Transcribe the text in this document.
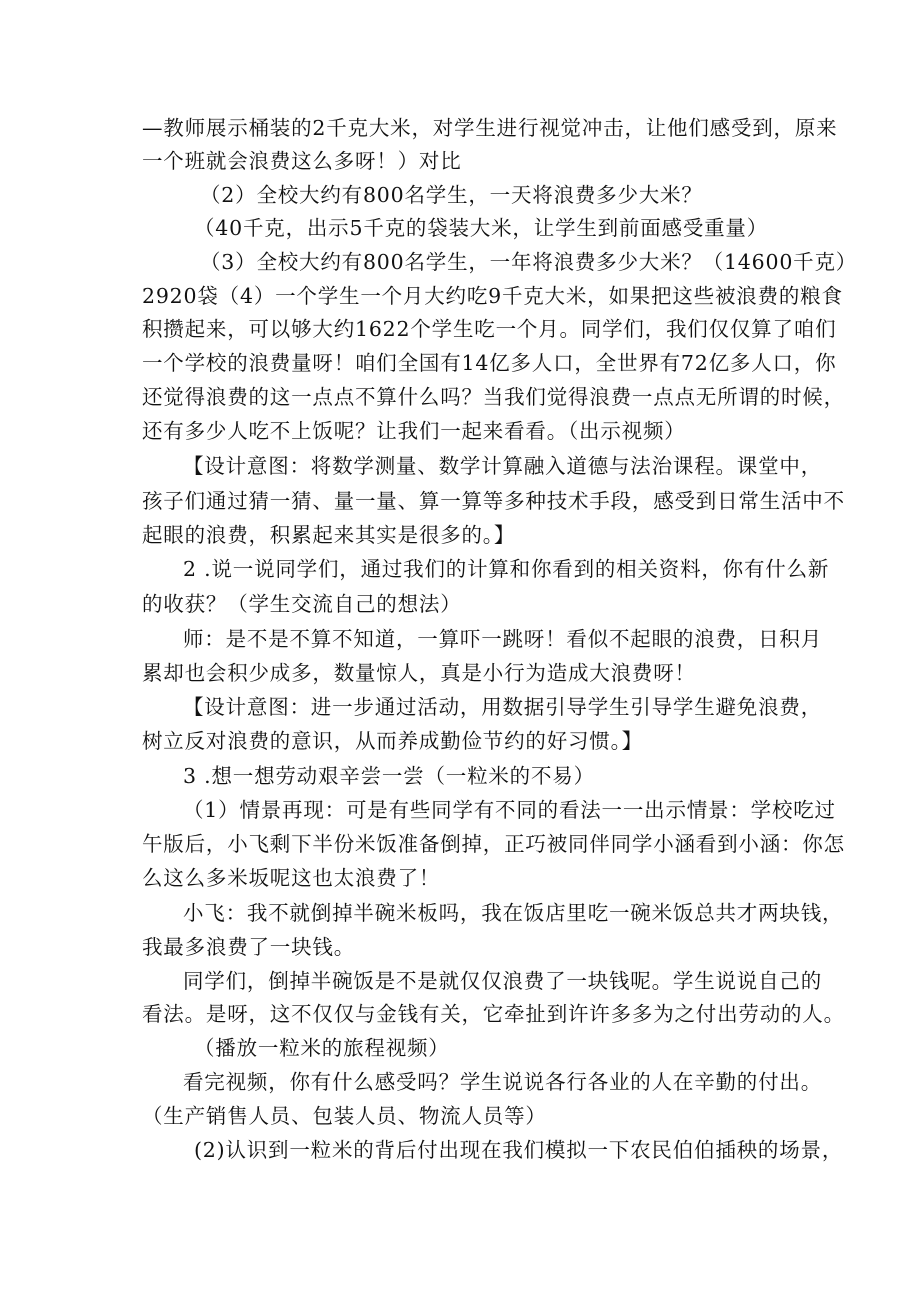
—教师展示桶装的2千克大米，对学生进行视觉冲击，让他们感受到，原来
一个班就会浪费这么多呀！）对比
（2）全校大约有800名学生，一天将浪费多少大米？
（40千克，出示5千克的袋装大米，让学生到前面感受重量）
（3）全校大约有800名学生，一年将浪费多少大米？（14600千克）
2920袋（4）一个学生一个月大约吃9千克大米，如果把这些被浪费的粮食
积攒起来，可以够大约1622个学生吃一个月。同学们，我们仅仅算了咱们
一个学校的浪费量呀！咱们全国有14亿多人口，全世界有72亿多人口，你
还觉得浪费的这一点点不算什么吗？当我们觉得浪费一点点无所谓的时候，
还有多少人吃不上饭呢？让我们一起来看看。（出示视频）
【设计意图：将数学测量、数学计算融入道德与法治课程。课堂中，
孩子们通过猜一猜、量一量、算一算等多种技术手段，感受到日常生活中不
起眼的浪费，积累起来其实是很多的。】
2 .说一说同学们，通过我们的计算和你看到的相关资料，你有什么新
的收获？（学生交流自己的想法）
师：是不是不算不知道，一算吓一跳呀！看似不起眼的浪费，日积月
累却也会积少成多，数量惊人，真是小行为造成大浪费呀！
【设计意图：进一步通过活动，用数据引导学生引导学生避免浪费，
树立反对浪费的意识，从而养成勤俭节约的好习惯。】
3 .想一想劳动艰辛尝一尝（一粒米的不易）
（1）情景再现：可是有些同学有不同的看法一一出示情景：学校吃过
午版后，小飞剩下半份米饭准备倒掉，正巧被同伴同学小涵看到小涵：你怎
么这么多米坂呢这也太浪费了！
小飞：我不就倒掉半碗米板吗，我在饭店里吃一碗米饭总共才两块钱，
我最多浪费了一块钱。
同学们，倒掉半碗饭是不是就仅仅浪费了一块钱呢。学生说说自己的
看法。是呀，这不仅仅与金钱有关，它牵扯到许许多多为之付出劳动的人。
（播放一粒米的旅程视频）
看完视频，你有什么感受吗？学生说说各行各业的人在辛勤的付出。
（生产销售人员、包装人员、物流人员等）
(2)认识到一粒米的背后付出现在我们模拟一下农民伯伯插秧的场景，
